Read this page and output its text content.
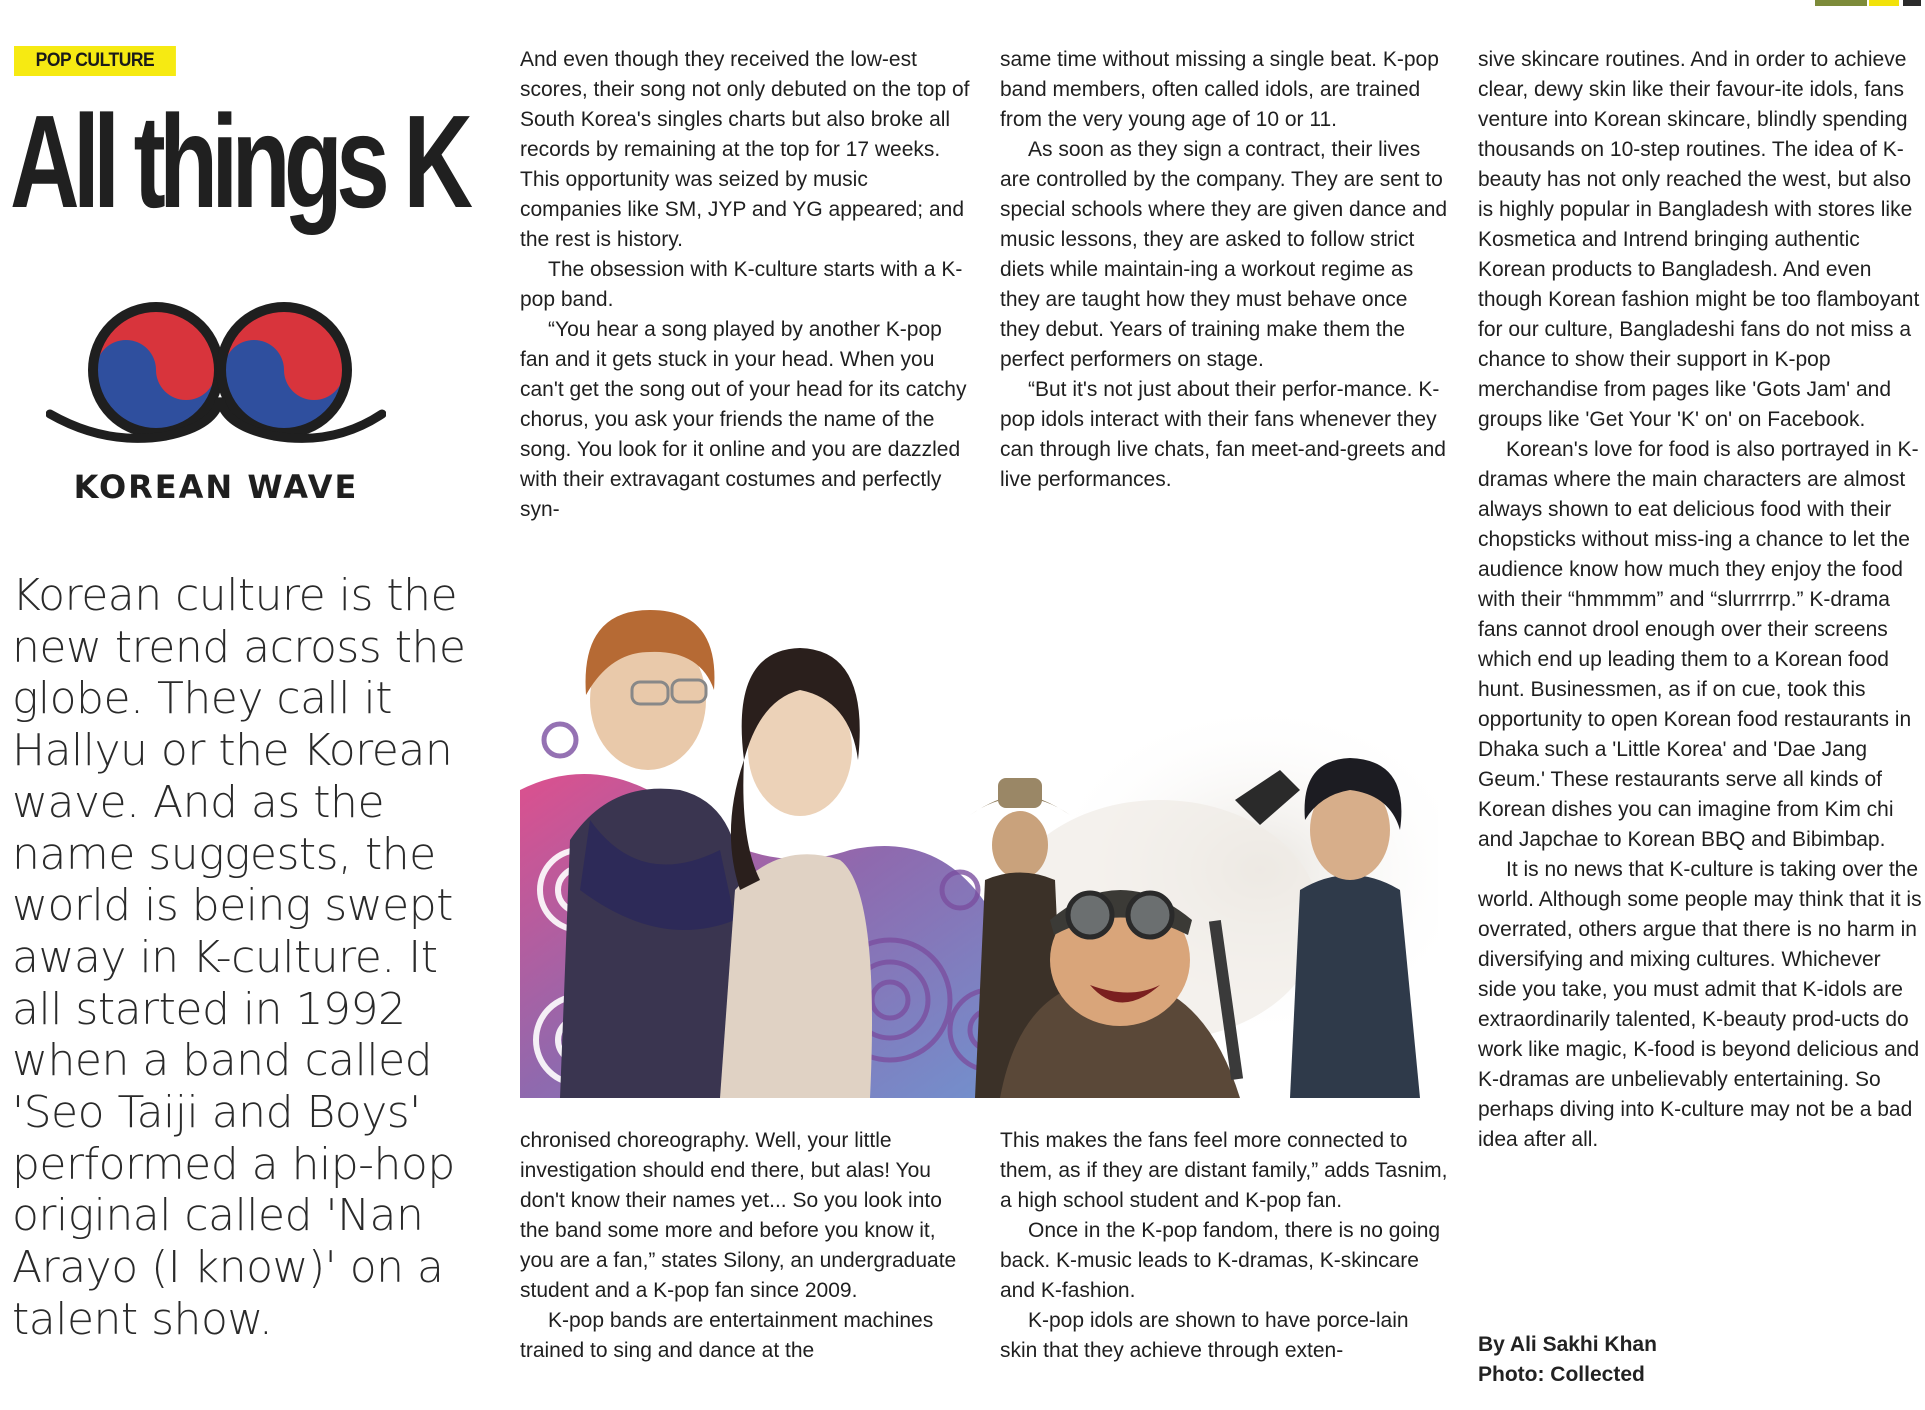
POP CULTURE
All things K
KOREAN WAVE
Korean culture is the new trend across the globe. They call it Hallyu or the Korean wave. And as the name suggests, the world is being swept away in K-culture. It all started in 1992 when a band called 'Seo Taiji and Boys' performed a hip-hop original called 'Nan Arayo (I know)' on a talent show.

And even though they received the low-est scores, their song not only debuted on the top of South Korea's singles charts but also broke all records by remaining at the top for 17 weeks. This opportunity was seized by music companies like SM, JYP and YG appeared; and the rest is history.

The obsession with K-culture starts with a K-pop band.

“You hear a song played by another K-pop fan and it gets stuck in your head. When you can't get the song out of your head for its catchy chorus, you ask your friends the name of the song. You look for it online and you are dazzled with their extravagant costumes and perfectly syn-

same time without missing a single beat. K-pop band members, often called idols, are trained from the very young age of 10 or 11.

As soon as they sign a contract, their lives are controlled by the company. They are sent to special schools where they are given dance and music lessons, they are asked to follow strict diets while maintain-ing a workout regime as they are taught how they must behave once they debut. Years of training make them the perfect performers on stage.

“But it's not just about their perfor-mance. K-pop idols interact with their fans whenever they can through live chats, fan meet-and-greets and live performances.

chronised choreography. Well, your little investigation should end there, but alas! You don't know their names yet... So you look into the band some more and before you know it, you are a fan,” states Silony, an undergraduate student and a K-pop fan since 2009.

K-pop bands are entertainment machines trained to sing and dance at the

This makes the fans feel more connected to them, as if they are distant family,” adds Tasnim, a high school student and K-pop fan.

Once in the K-pop fandom, there is no going back. K-music leads to K-dramas, K-skincare and K-fashion.

K-pop idols are shown to have porce-lain skin that they achieve through exten-

sive skincare routines. And in order to achieve clear, dewy skin like their favour-ite idols, fans venture into Korean skincare, blindly spending thousands on 10-step routines. The idea of K-beauty has not only reached the west, but also is highly popular in Bangladesh with stores like Kosmetica and Intrend bringing authentic Korean products to Bangladesh. And even though Korean fashion might be too flamboyant for our culture, Bangladeshi fans do not miss a chance to show their support in K-pop merchandise from pages like 'Gots Jam' and groups like 'Get Your 'K' on' on Facebook.

Korean's love for food is also portrayed in K-dramas where the main characters are almost always shown to eat delicious food with their chopsticks without miss-ing a chance to let the audience know how much they enjoy the food with their “hmmmm” and “slurrrrrp.” K-drama fans cannot drool enough over their screens which end up leading them to a Korean food hunt. Businessmen, as if on cue, took this opportunity to open Korean food restaurants in Dhaka such a 'Little Korea' and 'Dae Jang Geum.' These restaurants serve all kinds of Korean dishes you can imagine from Kim chi and Japchae to Korean BBQ and Bibimbap.

It is no news that K-culture is taking over the world. Although some people may think that it is overrated, others argue that there is no harm in diversifying and mixing cultures. Whichever side you take, you must admit that K-idols are extraordinarily talented, K-beauty prod-ucts do work like magic, K-food is beyond delicious and K-dramas are unbelievably entertaining. So perhaps diving into K-culture may not be a bad idea after all.

By Ali Sakhi Khan
Photo: Collected
